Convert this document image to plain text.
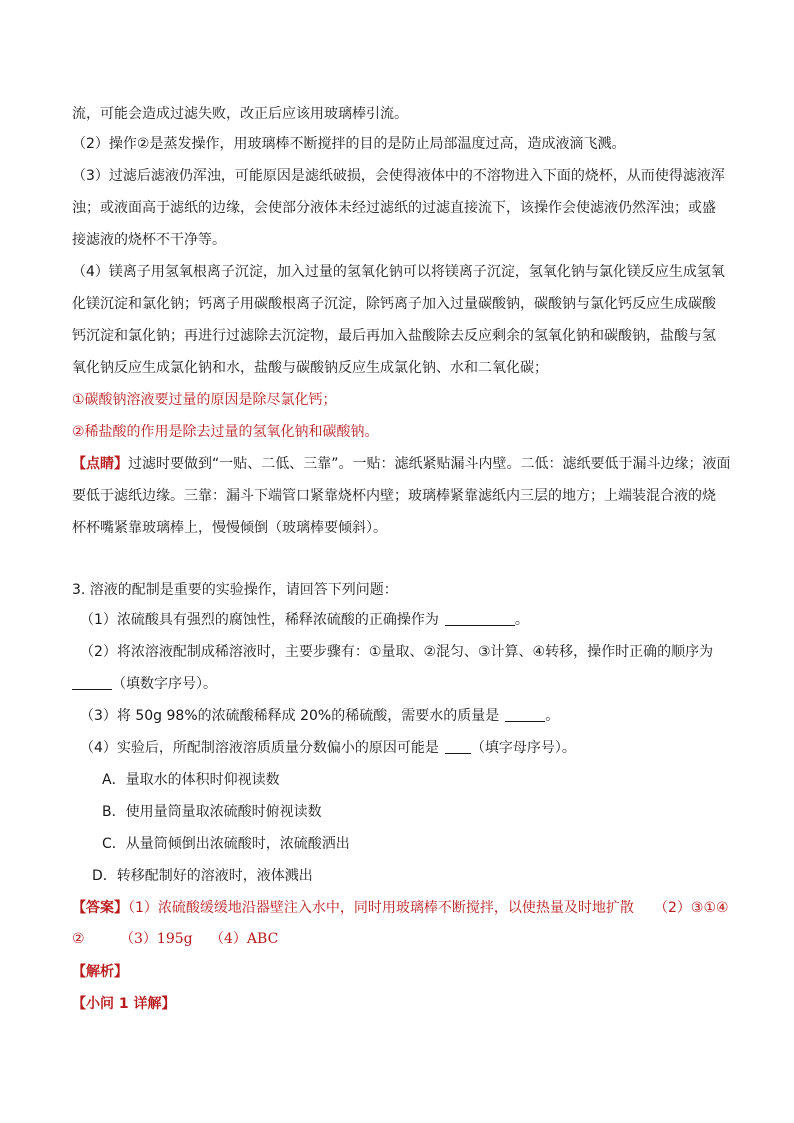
流，可能会造成过滤失败，改正后应该用玻璃棒引流。
（2）操作②是蒸发操作，用玻璃棒不断搅拌的目的是防止局部温度过高，造成液滴飞溅。
（3）过滤后滤液仍浑浊，可能原因是滤纸破损，会使得液体中的不溶物进入下面的烧杯，从而使得滤液浑
浊；或液面高于滤纸的边缘，会使部分液体未经过滤纸的过滤直接流下，该操作会使滤液仍然浑浊；或盛
接滤液的烧杯不干净等。
（4）镁离子用氢氧根离子沉淀，加入过量的氢氧化钠可以将镁离子沉淀，氢氧化钠与氯化镁反应生成氢氧
化镁沉淀和氯化钠；钙离子用碳酸根离子沉淀，除钙离子加入过量碳酸钠，碳酸钠与氯化钙反应生成碳酸
钙沉淀和氯化钠；再进行过滤除去沉淀物，最后再加入盐酸除去反应剩余的氢氧化钠和碳酸钠，盐酸与氢
氧化钠反应生成氯化钠和水，盐酸与碳酸钠反应生成氯化钠、水和二氧化碳；
①碳酸钠溶液要过量的原因是除尽氯化钙；
②稀盐酸的作用是除去过量的氢氧化钠和碳酸钠。
【点睛】过滤时要做到“一贴、二低、三靠”。一贴：滤纸紧贴漏斗内壁。二低：滤纸要低于漏斗边缘；液面
要低于滤纸边缘。三靠：漏斗下端管口紧靠烧杯内壁；玻璃棒紧靠滤纸内三层的地方；上端装混合液的烧
杯杯嘴紧靠玻璃棒上，慢慢倾倒（玻璃棒要倾斜）。
3. 溶液的配制是重要的实验操作，请回答下列问题：
（1）浓硫酸具有强烈的腐蚀性，稀释浓硫酸的正确操作为	。
（2）将浓溶液配制成稀溶液时，主要步骤有：①量取、②混匀、③计算、④转移，操作时正确的顺序为
（填数字序号）。
（3）将 50g 98%的浓硫酸稀释成 20%的稀硫酸，需要水的质量是	。
（4）实验后，所配制溶液溶质质量分数偏小的原因可能是 （填字母序号）。
A．量取水的体积时仰视读数
B．使用量筒量取浓硫酸时俯视读数
C．从量筒倾倒出浓硫酸时，浓硫酸洒出
D．转移配制好的溶液时，液体溅出
【答案】（1）浓硫酸缓缓地沿器壁注入水中，同时用玻璃棒不断搅拌，以使热量及时地扩散 （2）③①④
②	（3）195g （4）ABC
【解析】
【小问 1 详解】
